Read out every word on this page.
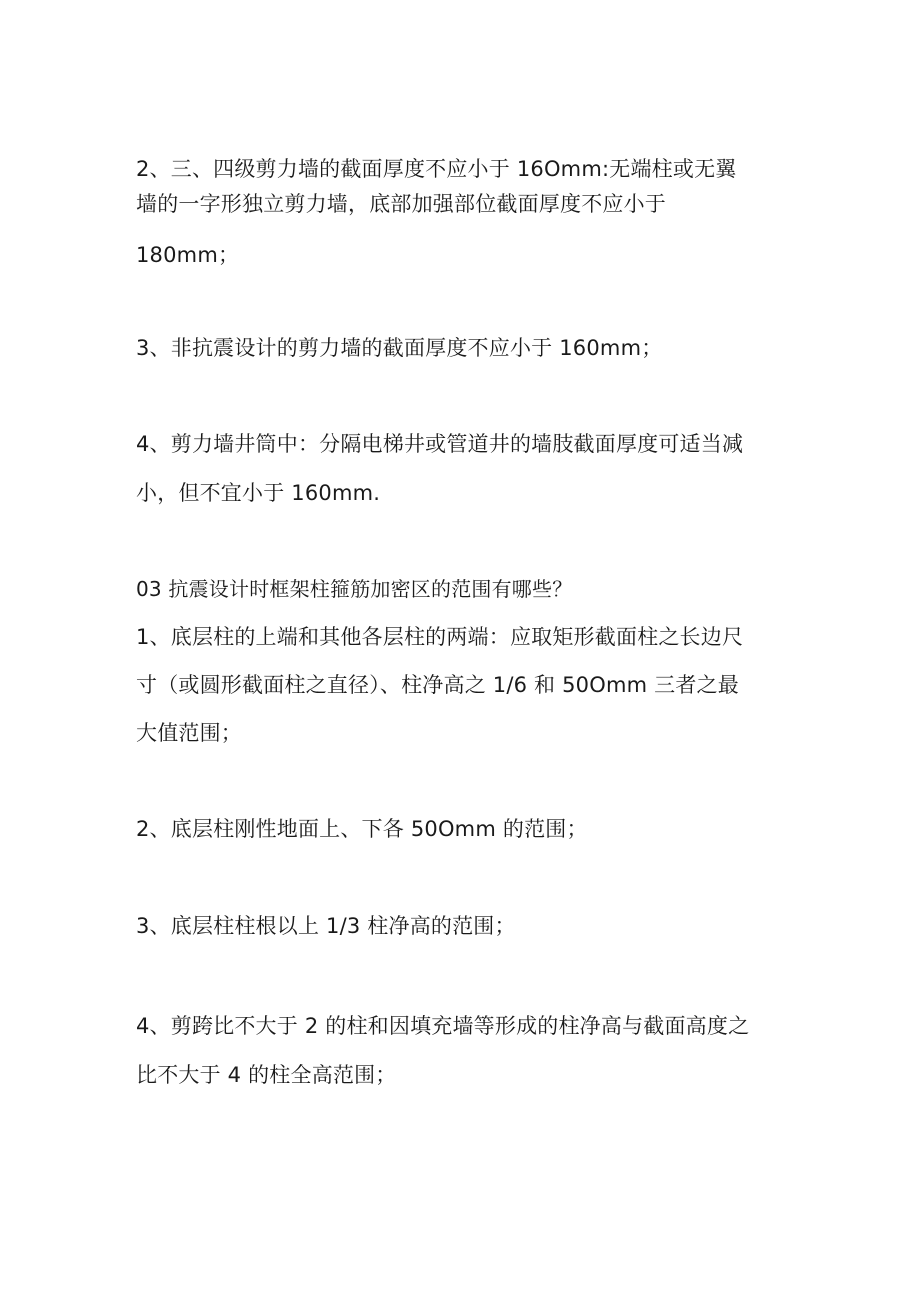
2、三、四级剪力墙的截面厚度不应小于 16Omm:无端柱或无翼
墙的一字形独立剪力墙，底部加强部位截面厚度不应小于
180mm；
3、非抗震设计的剪力墙的截面厚度不应小于 160mm；
4、剪力墙井筒中：分隔电梯井或管道井的墙肢截面厚度可适当减
小，但不宜小于 160mm.
03 抗震设计时框架柱箍筋加密区的范围有哪些？
1、底层柱的上端和其他各层柱的两端：应取矩形截面柱之长边尺
寸（或圆形截面柱之直径）、柱净高之 1/6 和 50Omm 三者之最
大值范围；
2、底层柱刚性地面上、下各 50Omm 的范围；
3、底层柱柱根以上 1/3 柱净高的范围；
4、剪跨比不大于 2 的柱和因填充墙等形成的柱净高与截面高度之
比不大于 4 的柱全高范围；
